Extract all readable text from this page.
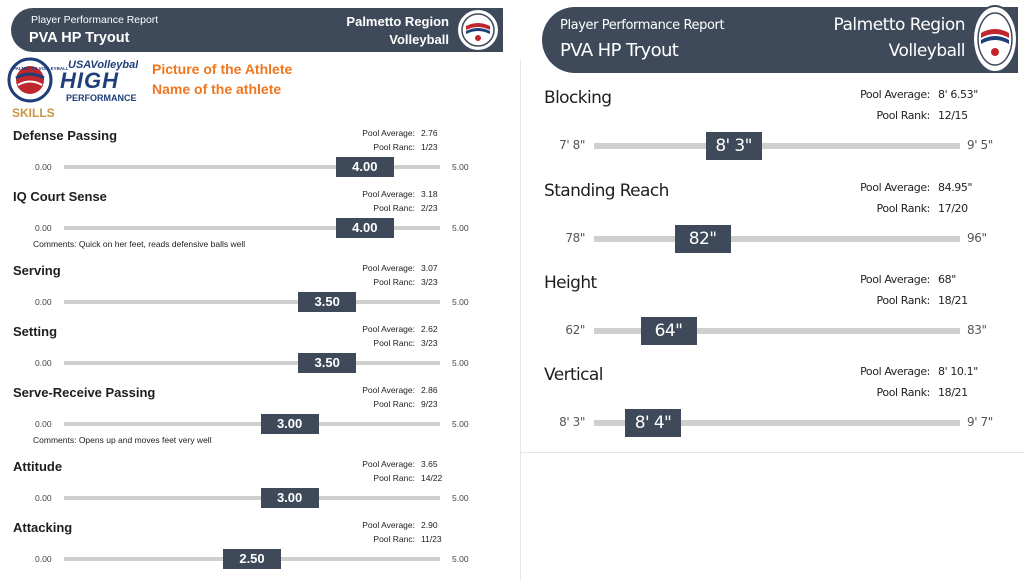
Player Performance Report
PVA HP Tryout
Palmetto Region
Volleyball
USAVolleyball
HIGH
PERFORMANCE
PALMETTO VOLLEYBALL	Picture of the Athlete
Name of the athlete
SKILLS
Defense Passing	Pool Average: 2.76
Pool Ranc: 1/23
0.00	5.00
4.00
IQ Court Sense	Pool Average: 3.18
Pool Ranc: 2/23
0.00	5.00
4.00
Comments: Quick on her feet, reads defensive balls well
Serving	Pool Average: 3.07
Pool Ranc: 3/23
0.00	5.00
3.50
Setting	Pool Average: 2.62
Pool Ranc: 3/23
0.00	5.00
3.50
Serve-Receive Passing	Pool Average: 2.86
Pool Ranc: 9/23
0.00	5.00
3.00
Comments: Opens up and moves feet very well
Attitude	Pool Average: 3.65
Pool Ranc: 14/22
0.00	5.00
3.00
Attacking	Pool Average: 2.90
Pool Ranc: 11/23
0.00	5.00
2.50
Player Performance Report
PVA HP Tryout
Palmetto Region
Volleyball
Blocking	Pool Average: 8' 6.53"
Pool Rank: 12/15
7' 8"	9' 5"
8' 3"
Standing Reach	Pool Average: 84.95"
Pool Rank: 17/20
78"	96"
82"
Height	Pool Average: 68"
Pool Rank: 18/21
62"	83"
64"
Vertical	Pool Average: 8' 10.1"
Pool Rank: 18/21
8' 3"	9' 7"
8' 4"
